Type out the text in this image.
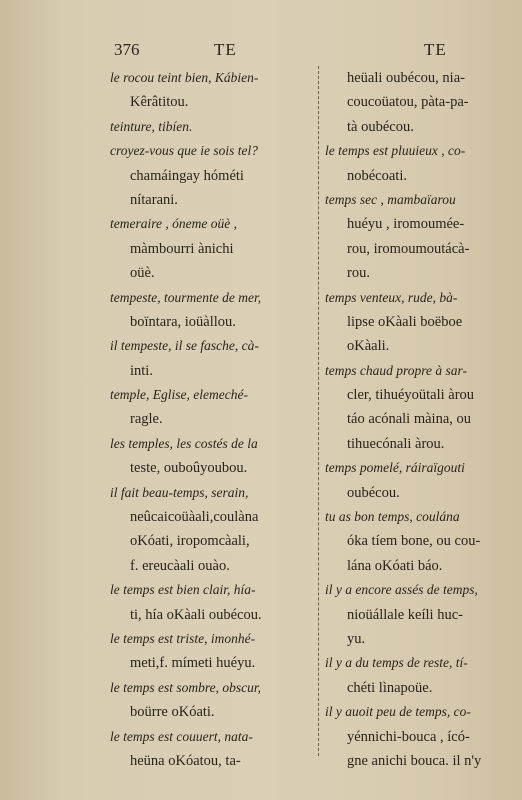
376	TE	TE
le rocou teint bien, Kábien-
Kêrâtitou.
teinture, tibíen.
croyez-vous que ie sois tel?
chamáingay hóméti
nítarani.
temeraire , óneme oüè ,
màmbourri ànichi
oüè.
tempeste, tourmente de mer,
boïntara, ioüàllou.
il tempeste, il se fasche, cà-
inti.
temple, Eglise, elemeché-
ragle.
les temples, les costés de la
teste, ouboûyoubou.
il fait beau-temps, serain,
neûcaicoüàali,coulàna
oKóati, iropomcàali,
f. ereucàali ouào.
le temps est bien clair, hía-
ti, hía oKàali oubécou.
le temps est triste, imonhé-
meti,f. mímeti huéyu.
le temps est sombre, obscur,
boürre oKóati.
le temps est couuert, nata-
heüna oKóatou, ta-
heüali oubécou, nia-
coucoüatou, pàta-pa-
tà oubécou.
le temps est pluuieux , co-
nobécoati.
temps sec , mambaïarou
huéyu , iromoumée-
rou, iromoumoutácà-
rou.
temps venteux, rude, bà-
lipse oKàali boëboe
oKàali.
temps chaud propre à sar-
cler, tihuéyoütali àrou
táo acónali màina, ou
tihuecónali àrou.
temps pomelé, ráiraïgouti
oubécou.
tu as bon temps, coulána
óka tíem bone, ou cou-
lána oKóati báo.
il y a encore assés de temps,
nioüállale keíli huc-
yu.
il y a du temps de reste, tí-
chéti lìnapoüe.
il y auoit peu de temps, co-
yénnichi-bouca , ícó-
gne anichi bouca. il n'y
